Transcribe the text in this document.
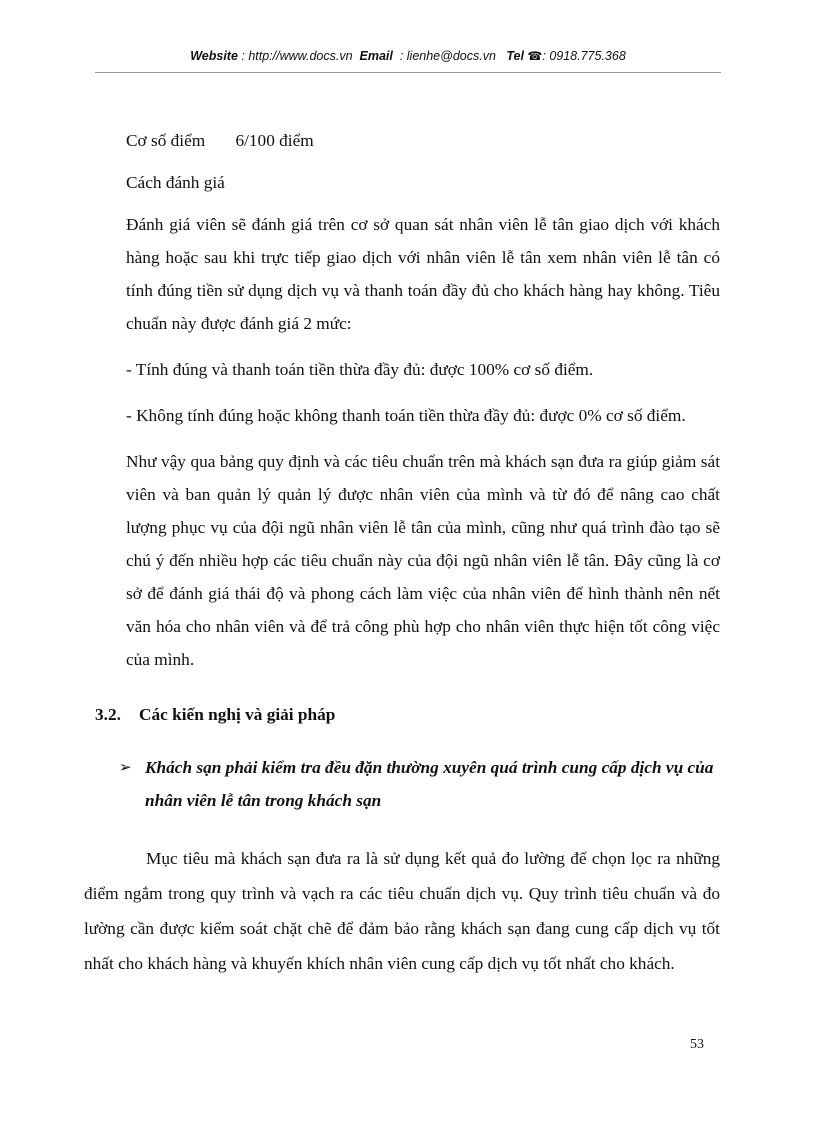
Website : http://www.docs.vn Email : lienhe@docs.vn Tel ☎: 0918.775.368

Cơ số điểm       6/100 điểm

Cách đánh giá

Đánh giá viên sẽ đánh giá trên cơ sở quan sát nhân viên lễ tân giao dịch với khách hàng hoặc sau khi trực tiếp giao dịch với nhân viên lễ tân xem nhân viên lễ tân có tính đúng tiền sử dụng dịch vụ và thanh toán đầy đủ cho khách hàng hay không. Tiêu chuẩn này được đánh giá 2 mức:

- Tính đúng và thanh toán tiền thừa đầy đủ: được 100% cơ số điểm.

- Không tính đúng hoặc không thanh toán tiền thừa đầy đủ: được 0% cơ số điểm.

Như vậy qua bảng quy định và các tiêu chuẩn trên mà khách sạn đưa ra giúp giảm sát viên và ban quản lý quản lý được nhân viên của mình và từ đó để nâng cao chất lượng phục vụ của đội ngũ nhân viên lễ tân của mình, cũng như quá trình đào tạo sẽ chú ý đến nhiều hợp các tiêu chuẩn này của đội ngũ nhân viên lễ tân. Đây cũng là cơ sở để đánh giá thái độ và phong cách làm việc của nhân viên để hình thành nên nết văn hóa cho nhân viên và để trả công phù hợp cho nhân viên thực hiện tốt công việc của mình.

3.2. Các kiến nghị và giải pháp

➢ Khách sạn phải kiểm tra đều đặn thường xuyên quá trình cung cấp dịch vụ của nhân viên lễ tân trong khách sạn

Mục tiêu mà khách sạn đưa ra là sử dụng kết quả đo lường để chọn lọc ra những điểm ngắm trong quy trình và vạch ra các tiêu chuẩn dịch vụ. Quy trình tiêu chuẩn và đo lường cần được kiểm soát chặt chẽ để đảm bảo rằng khách sạn đang cung cấp dịch vụ tốt nhất cho khách hàng và khuyến khích nhân viên cung cấp dịch vụ tốt nhất cho khách.

53
